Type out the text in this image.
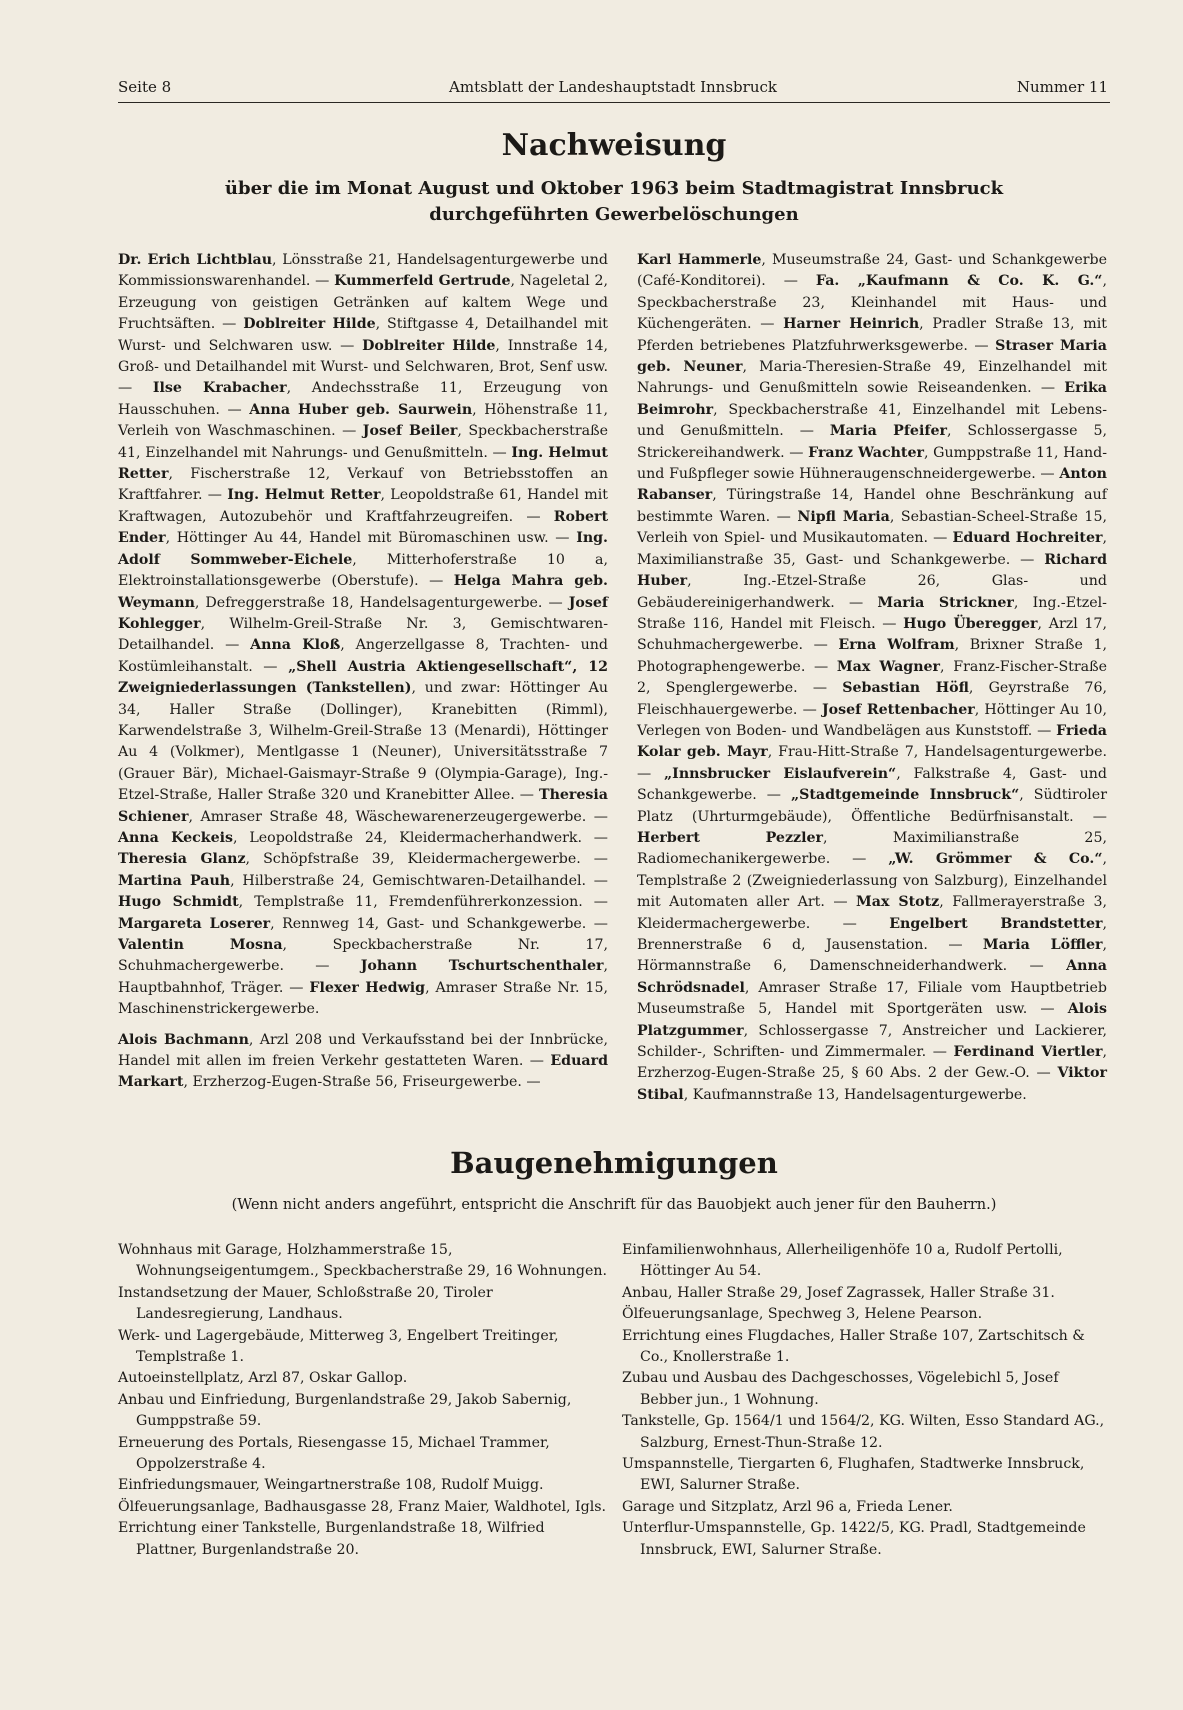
Seite 8	Amtsblatt der Landeshauptstadt Innsbruck	Nummer 11
Nachweisung
über die im Monat August und Oktober 1963 beim Stadtmagistrat Innsbruck
durchgeführten Gewerbelöschungen

Dr. Erich Lichtblau, Lönsstraße 21, Handelsagenturgewerbe und Kommissionswarenhandel. — Kummerfeld Gertrude, Nageletal 2, Erzeugung von geistigen Getränken auf kaltem Wege und Fruchtsäften. — Doblreiter Hilde, Stiftgasse 4, Detailhandel mit Wurst- und Selchwaren usw. — Doblreiter Hilde, Innstraße 14, Groß- und Detailhandel mit Wurst- und Selchwaren, Brot, Senf usw. — Ilse Krabacher, Andechsstraße 11, Erzeugung von Hausschuhen. — Anna Huber geb. Saurwein, Höhenstraße 11, Verleih von Waschmaschinen. — Josef Beiler, Speckbacherstraße 41, Einzelhandel mit Nahrungs- und Genußmitteln. — Ing. Helmut Retter, Fischerstraße 12, Verkauf von Betriebsstoffen an Kraftfahrer. — Ing. Helmut Retter, Leopoldstraße 61, Handel mit Kraftwagen, Autozubehör und Kraftfahrzeugreifen. — Robert Ender, Höttinger Au 44, Handel mit Büromaschinen usw. — Ing. Adolf Sommweber-Eichele, Mitterhoferstraße 10 a, Elektroinstallationsgewerbe (Oberstufe). — Helga Mahra geb. Weymann, Defreggerstraße 18, Handelsagenturgewerbe. — Josef Kohlegger, Wilhelm-Greil-Straße Nr. 3, Gemischtwaren-Detailhandel. — Anna Kloß, Angerzellgasse 8, Trachten- und Kostümleihanstalt. — „Shell Austria Aktiengesellschaft“, 12 Zweigniederlassungen (Tankstellen), und zwar: Höttinger Au 34, Haller Straße (Dollinger), Kranebitten (Rimml), Karwendelstraße 3, Wilhelm-Greil-Straße 13 (Menardi), Höttinger Au 4 (Volkmer), Mentlgasse 1 (Neuner), Universitätsstraße 7 (Grauer Bär), Michael-Gaismayr-Straße 9 (Olympia-Garage), Ing.-Etzel-Straße, Haller Straße 320 und Kranebitter Allee. — Theresia Schiener, Amraser Straße 48, Wäschewarenerzeugergewerbe. — Anna Keckeis, Leopoldstraße 24, Kleidermacherhandwerk. — Theresia Glanz, Schöpfstraße 39, Kleidermachergewerbe. — Martina Pauh, Hilberstraße 24, Gemischtwaren-Detailhandel. — Hugo Schmidt, Templstraße 11, Fremdenführerkonzession. — Margareta Loserer, Rennweg 14, Gast- und Schankgewerbe. — Valentin Mosna, Speckbacherstraße Nr. 17, Schuhmachergewerbe. — Johann Tschurtschenthaler, Hauptbahnhof, Träger. — Flexer Hedwig, Amraser Straße Nr. 15, Maschinenstrickergewerbe.

Alois Bachmann, Arzl 208 und Verkaufsstand bei der Innbrücke, Handel mit allen im freien Verkehr gestatteten Waren. — Eduard Markart, Erzherzog-Eugen-Straße 56, Friseurgewerbe. —

Karl Hammerle, Museumstraße 24, Gast- und Schankgewerbe (Café-Konditorei). — Fa. „Kaufmann & Co. K. G.“, Speckbacherstraße 23, Kleinhandel mit Haus- und Küchengeräten. — Harner Heinrich, Pradler Straße 13, mit Pferden betriebenes Platzfuhrwerksgewerbe. — Straser Maria geb. Neuner, Maria-Theresien-Straße 49, Einzelhandel mit Nahrungs- und Genußmitteln sowie Reiseandenken. — Erika Beimrohr, Speckbacherstraße 41, Einzelhandel mit Lebens- und Genußmitteln. — Maria Pfeifer, Schlossergasse 5, Strickereihandwerk. — Franz Wachter, Gumppstraße 11, Hand- und Fußpfleger sowie Hühneraugenschneidergewerbe. — Anton Rabanser, Türingstraße 14, Handel ohne Beschränkung auf bestimmte Waren. — Nipfl Maria, Sebastian-Scheel-Straße 15, Verleih von Spiel- und Musikautomaten. — Eduard Hochreiter, Maximilianstraße 35, Gast- und Schankgewerbe. — Richard Huber, Ing.-Etzel-Straße 26, Glas- und Gebäudereinigerhandwerk. — Maria Strickner, Ing.-Etzel-Straße 116, Handel mit Fleisch. — Hugo Überegger, Arzl 17, Schuhmachergewerbe. — Erna Wolfram, Brixner Straße 1, Photographengewerbe. — Max Wagner, Franz-Fischer-Straße 2, Spenglergewerbe. — Sebastian Höfl, Geyrstraße 76, Fleischhauergewerbe. — Josef Rettenbacher, Höttinger Au 10, Verlegen von Boden- und Wandbelägen aus Kunststoff. — Frieda Kolar geb. Mayr, Frau-Hitt-Straße 7, Handelsagenturgewerbe. — „Innsbrucker Eislaufverein“, Falkstraße 4, Gast- und Schankgewerbe. — „Stadtgemeinde Innsbruck“, Südtiroler Platz (Uhrturmgebäude), Öffentliche Bedürfnisanstalt. — Herbert Pezzler, Maximilianstraße 25, Radiomechanikergewerbe. — „W. Grömmer & Co.“, Templstraße 2 (Zweigniederlassung von Salzburg), Einzelhandel mit Automaten aller Art. — Max Stotz, Fallmerayerstraße 3, Kleidermachergewerbe. — Engelbert Brandstetter, Brennerstraße 6 d, Jausenstation. — Maria Löffler, Hörmannstraße 6, Damenschneiderhandwerk. — Anna Schrödsnadel, Amraser Straße 17, Filiale vom Hauptbetrieb Museumstraße 5, Handel mit Sportgeräten usw. — Alois Platzgummer, Schlossergasse 7, Anstreicher und Lackierer, Schilder-, Schriften- und Zimmermaler. — Ferdinand Viertler, Erzherzog-Eugen-Straße 25, § 60 Abs. 2 der Gew.-O. — Viktor Stibal, Kaufmannstraße 13, Handelsagenturgewerbe.

Baugenehmigungen
(Wenn nicht anders angeführt, entspricht die Anschrift für das Bauobjekt auch jener für den Bauherrn.)
Wohnhaus mit Garage, Holzhammerstraße 15, Wohnungseigentumgem., Speckbacherstraße 29, 16 Wohnungen.
Instandsetzung der Mauer, Schloßstraße 20, Tiroler Landesregierung, Landhaus.
Werk- und Lagergebäude, Mitterweg 3, Engelbert Treitinger, Templstraße 1.
Autoeinstellplatz, Arzl 87, Oskar Gallop.
Anbau und Einfriedung, Burgenlandstraße 29, Jakob Sabernig, Gumppstraße 59.
Erneuerung des Portals, Riesengasse 15, Michael Trammer, Oppolzerstraße 4.
Einfriedungsmauer, Weingartnerstraße 108, Rudolf Muigg.
Ölfeuerungsanlage, Badhausgasse 28, Franz Maier, Waldhotel, Igls.
Errichtung einer Tankstelle, Burgenlandstraße 18, Wilfried Plattner, Burgenlandstraße 20.
Einfamilienwohnhaus, Allerheiligenhöfe 10 a, Rudolf Pertolli, Höttinger Au 54.
Anbau, Haller Straße 29, Josef Zagrassek, Haller Straße 31.
Ölfeuerungsanlage, Spechweg 3, Helene Pearson.
Errichtung eines Flugdaches, Haller Straße 107, Zartschitsch & Co., Knollerstraße 1.
Zubau und Ausbau des Dachgeschosses, Vögelebichl 5, Josef Bebber jun., 1 Wohnung.
Tankstelle, Gp. 1564/1 und 1564/2, KG. Wilten, Esso Standard AG., Salzburg, Ernest-Thun-Straße 12.
Umspannstelle, Tiergarten 6, Flughafen, Stadtwerke Innsbruck, EWI, Salurner Straße.
Garage und Sitzplatz, Arzl 96 a, Frieda Lener.
Unterflur-Umspannstelle, Gp. 1422/5, KG. Pradl, Stadtgemeinde Innsbruck, EWI, Salurner Straße.
